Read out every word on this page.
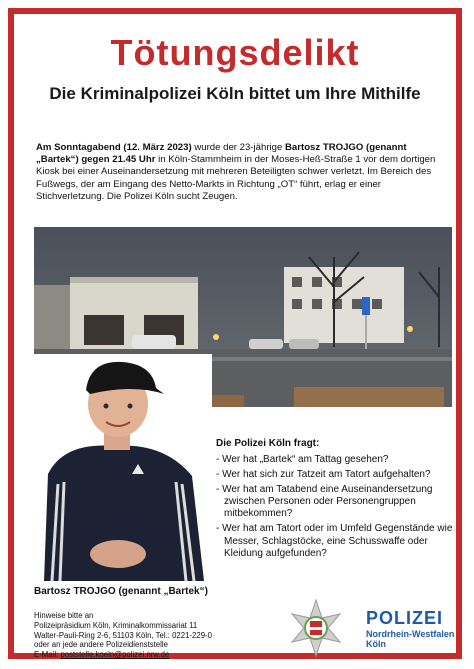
Tötungsdelikt
Die Kriminalpolizei Köln bittet um Ihre Mithilfe
Am Sonntagabend (12. März 2023) wurde der 23-jährige Bartosz TROJGO (genannt „Bartek“) gegen 21.45 Uhr in Köln-Stammheim in der Moses-Heß-Straße 1 vor dem dortigen Kiosk bei einer Auseinandersetzung mit mehreren Beteiligten schwer verletzt. Im Bereich des Fußwegs, der am Eingang des Netto-Markts in Richtung „OT“ führt, erlag er einer Stichverletzung. Die Polizei Köln sucht Zeugen.
Bartosz TROJGO (genannt „Bartek“)
Die Polizei Köln fragt:
- Wer hat „Bartek“ am Tattag gesehen?
- Wer hat sich zur Tatzeit am Tatort aufgehalten?
- Wer hat am Tatabend eine Auseinandersetzung zwischen Personen oder Personengruppen mitbekommen?
- Wer hat am Tatort oder im Umfeld Gegenstände wie Messer, Schlagstöcke, eine Schusswaffe oder Kleidung aufgefunden?
Hinweise bitte an
Polizeipräsidium Köln, Kriminalkommissariat 11
Walter-Pauli-Ring 2-6, 51103 Köln, Tel.: 0221-229-0
oder an jede andere Polizeidienststelle
E-Mail: poststelle.koeln@polizei.nrw.de
POLIZEI
Nordrhein-Westfalen
Köln
